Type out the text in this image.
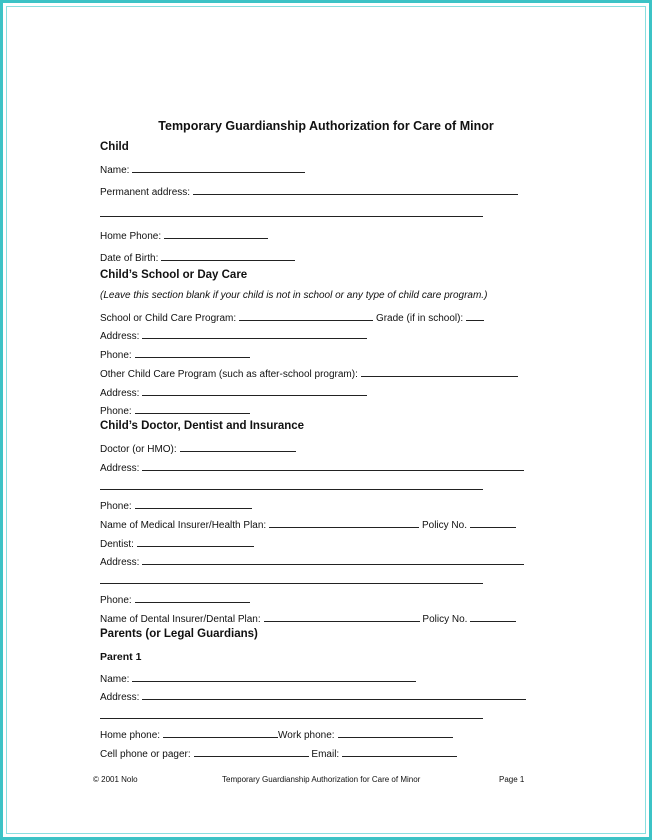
Temporary Guardianship Authorization for Care of Minor
Child
Name:
Permanent address:
Home Phone:
Date of Birth:
Child’s School or Day Care
(Leave this section blank if your child is not in school or any type of child care program.)
School or Child Care Program:	Grade (if in school):
Address:
Phone:
Other Child Care Program (such as after-school program):
Address:
Phone:
Child’s Doctor, Dentist and Insurance
Doctor (or HMO):
Address:
Phone:
Name of Medical Insurer/Health Plan:	Policy No.
Dentist:
Address:
Phone:
Name of Dental Insurer/Dental Plan:	Policy No.
Parents (or Legal Guardians)
Parent 1
Name:
Address:
Home phone:	Work phone:
Cell phone or pager:	Email:
© 2001 Nolo	Temporary Guardianship Authorization for Care of Minor	Page 1
